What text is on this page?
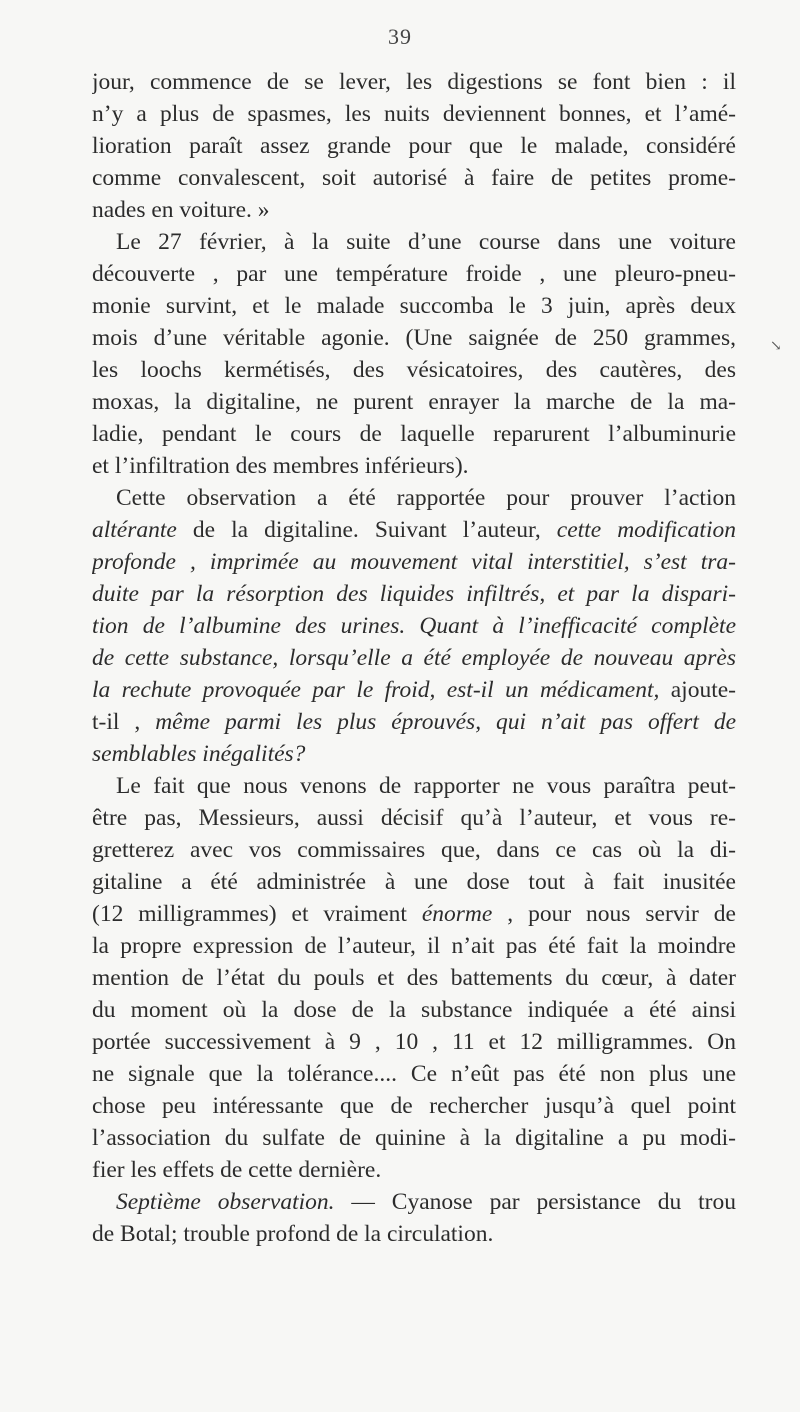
39
jour, commence de se lever, les digestions se font bien : il
n’y a plus de spasmes, les nuits deviennent bonnes, et l’amé-
lioration paraît assez grande pour que le malade, considéré
comme convalescent, soit autorisé à faire de petites prome-
nades en voiture. »
Le 27 février, à la suite d’une course dans une voiture
découverte , par une température froide , une pleuro-pneu-
monie survint, et le malade succomba le 3 juin, après deux
mois d’une véritable agonie. (Une saignée de 250 grammes,
les loochs kermétisés, des vésicatoires, des cautères, des
moxas, la digitaline, ne purent enrayer la marche de la ma-
ladie, pendant le cours de laquelle reparurent l’albuminurie
et l’infiltration des membres inférieurs).
Cette observation a été rapportée pour prouver l’action
altérante de la digitaline. Suivant l’auteur, cette modification
profonde , imprimée au mouvement vital interstitiel, s’est tra-
duite par la résorption des liquides infiltrés, et par la dispari-
tion de l’albumine des urines. Quant à l’inefficacité complète
de cette substance, lorsqu’elle a été employée de nouveau après
la rechute provoquée par le froid, est-il un médicament, ajoute-
t-il , même parmi les plus éprouvés, qui n’ait pas offert de
semblables inégalités?
Le fait que nous venons de rapporter ne vous paraîtra peut-
être pas, Messieurs, aussi décisif qu’à l’auteur, et vous re-
gretterez avec vos commissaires que, dans ce cas où la di-
gitaline a été administrée à une dose tout à fait inusitée
(12 milligrammes) et vraiment énorme , pour nous servir de
la propre expression de l’auteur, il n’ait pas été fait la moindre
mention de l’état du pouls et des battements du cœur, à dater
du moment où la dose de la substance indiquée a été ainsi
portée successivement à 9 , 10 , 11 et 12 milligrammes. On
ne signale que la tolérance.... Ce n’eût pas été non plus une
chose peu intéressante que de rechercher jusqu’à quel point
l’association du sulfate de quinine à la digitaline a pu modi-
fier les effets de cette dernière.
Septième observation. — Cyanose par persistance du trou
de Botal; trouble profond de la circulation.
↘
